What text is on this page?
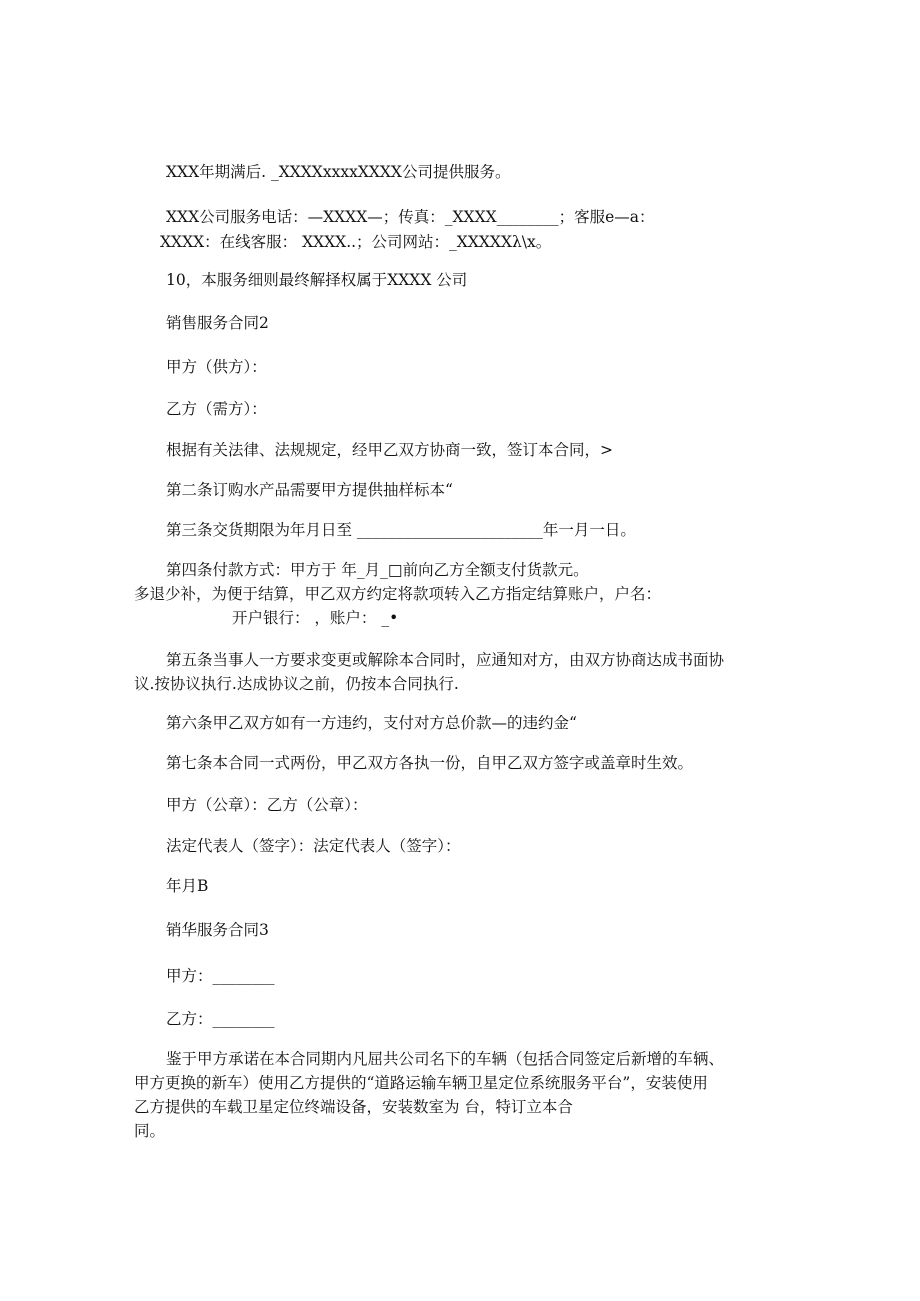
XXX年期满后. _XXXXxxxxXXXX公司提供服务。
XXX公司服务电话：—XXXX—；传真：_XXXX________；客服e—a：
XXXX：在线客服： XXXX..；公司网站：_XXXXXλ\x。
10，本服务细则最终解择权属于XXXX 公司
销售服务合同2
甲方（供方）：
乙方（需方）：
根据有关法律、法规规定，经甲乙双方协商一致，签订本合同，>
第二条订购水产品需要甲方提供抽样标本“
第三条交货期限为年月日至 ________________________年一月一日。
第四条付款方式：甲方于 年_月_□前向乙方全额支付货款元。
多退少补，为便于结算，甲乙双方约定将款项转入乙方指定结算账户，户名：
开户银行： ，账户： _•
第五条当事人一方要求变更或解除本合同时，应通知对方，由双方协商达成书面协
议.按协议执行.达成协议之前，仍按本合同执行.
第六条甲乙双方如有一方违约，支付对方总价款—的违约金“
第七条本合同一式两份，甲乙双方各执一份，自甲乙双方签字或盖章时生效。
甲方（公章）：乙方（公章）：
法定代表人（签字）：法定代表人（签字）：
年月B
销华服务合同3
甲方：________
乙方：________
鉴于甲方承诺在本合同期内凡屈共公司名下的车辆（包括合同签定后新增的车辆、
甲方更换的新车）使用乙方提供的“道路运输车辆卫星定位系统服务平台”，安装使用
乙方提供的车载卫星定位终端设备，安装数室为 台，特订立本合
同。
